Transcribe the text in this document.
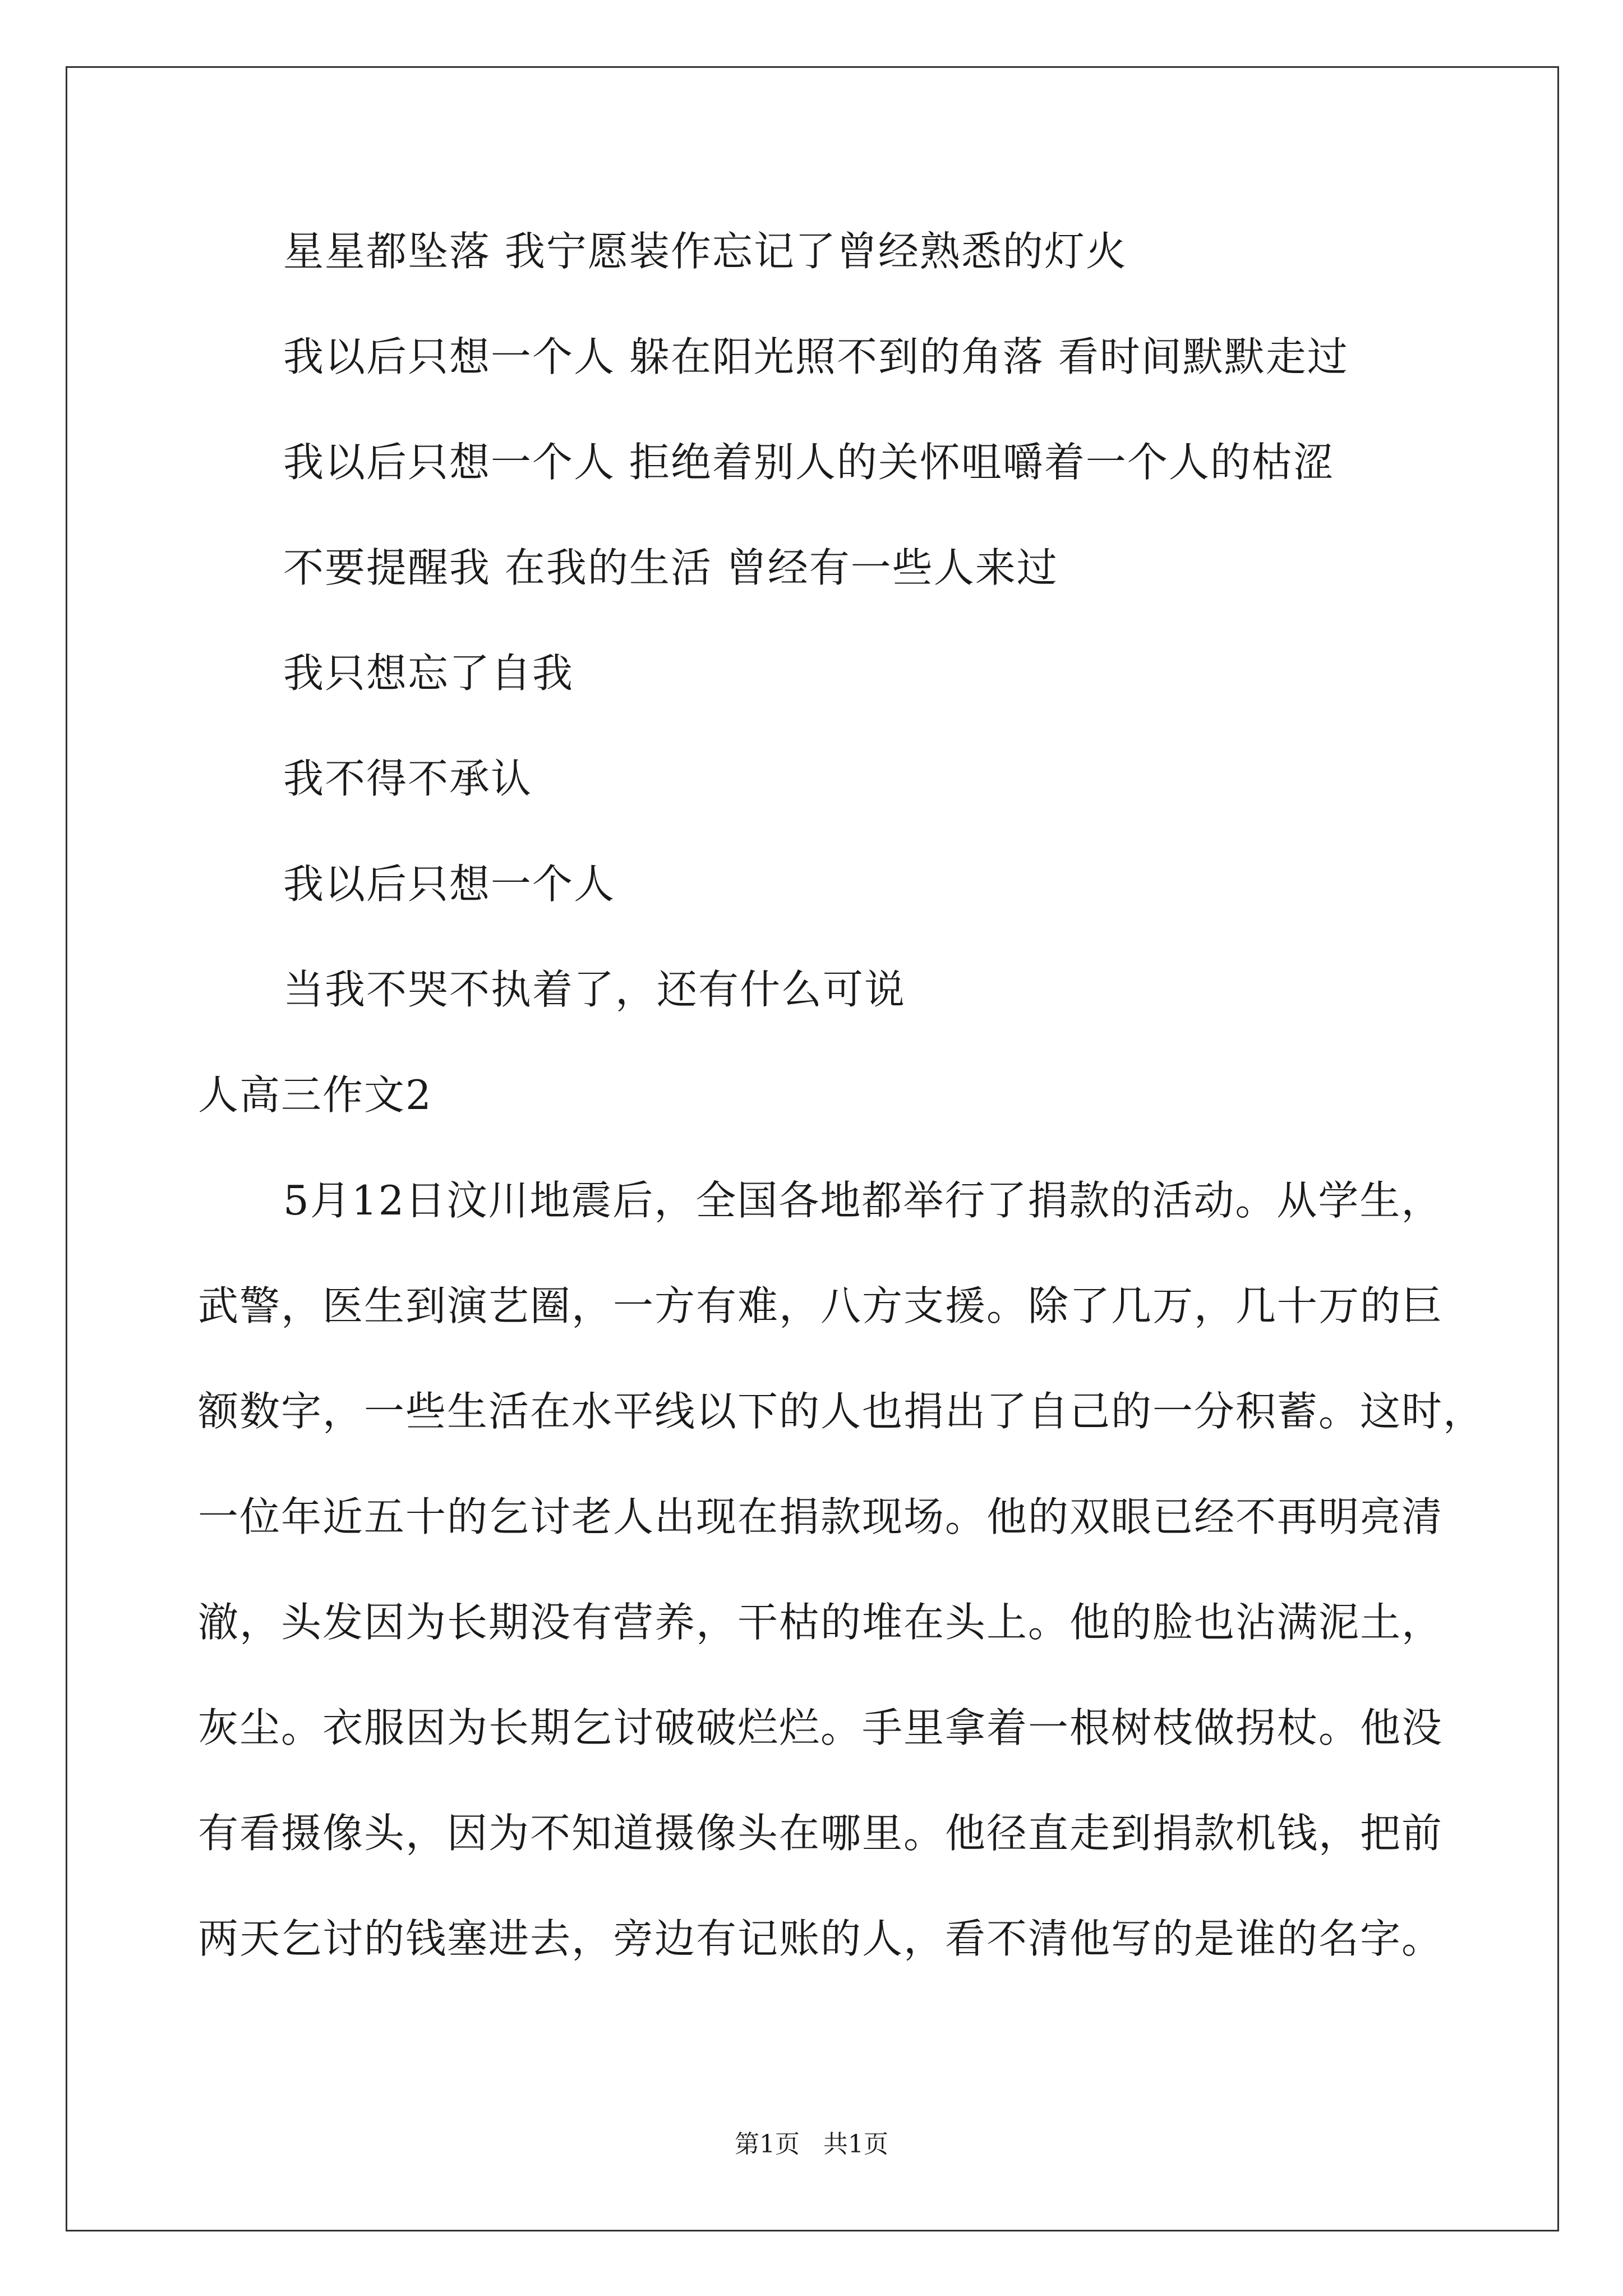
星星都坠落 我宁愿装作忘记了曾经熟悉的灯火
我以后只想一个人 躲在阳光照不到的角落 看时间默默走过
我以后只想一个人 拒绝着别人的关怀咀嚼着一个人的枯涩
不要提醒我 在我的生活 曾经有一些人来过
我只想忘了自我
我不得不承认
我以后只想一个人
当我不哭不执着了，还有什么可说
人高三作文2
5月12日汶川地震后，全国各地都举行了捐款的活动。从学生，
武警，医生到演艺圈，一方有难，八方支援。除了几万，几十万的巨
额数字，一些生活在水平线以下的人也捐出了自己的一分积蓄。这时，
一位年近五十的乞讨老人出现在捐款现场。他的双眼已经不再明亮清
澈，头发因为长期没有营养，干枯的堆在头上。他的脸也沾满泥土，
灰尘。衣服因为长期乞讨破破烂烂。手里拿着一根树枝做拐杖。他没
有看摄像头，因为不知道摄像头在哪里。他径直走到捐款机钱，把前
两天乞讨的钱塞进去，旁边有记账的人，看不清他写的是谁的名字。
第1页   共1页
